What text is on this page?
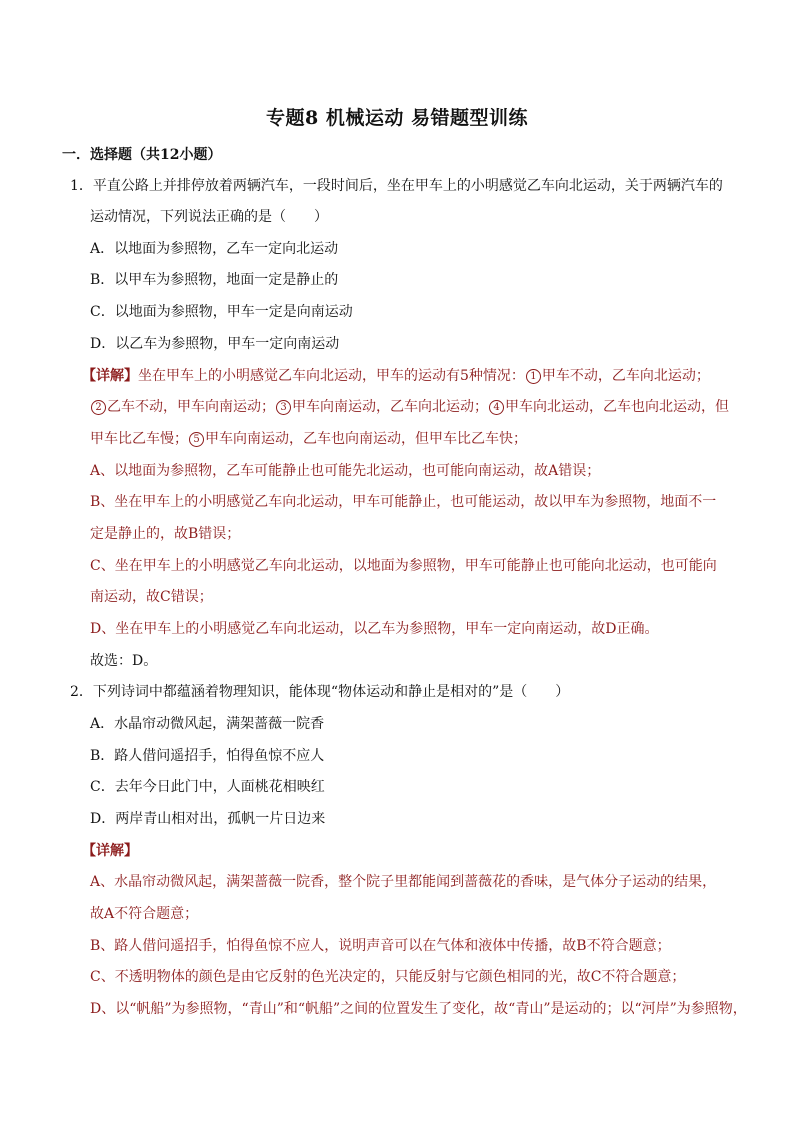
专题8 机械运动 易错题型训练
一．选择题（共12小题）
1．平直公路上并排停放着两辆汽车，一段时间后，坐在甲车上的小明感觉乙车向北运动，关于两辆汽车的
运动情况，下列说法正确的是（　　）
A．以地面为参照物，乙车一定向北运动
B．以甲车为参照物，地面一定是静止的
C．以地面为参照物，甲车一定是向南运动
D．以乙车为参照物，甲车一定向南运动
【详解】坐在甲车上的小明感觉乙车向北运动，甲车的运动有5种情况： 1 甲车不动，乙车向北运动；
2 乙车不动，甲车向南运动； 3 甲车向南运动，乙车向北运动； 4 甲车向北运动，乙车也向北运动，但
甲车比乙车慢； 5 甲车向南运动，乙车也向南运动，但甲车比乙车快；
A、以地面为参照物，乙车可能静止也可能先北运动，也可能向南运动，故A错误；
B、坐在甲车上的小明感觉乙车向北运动，甲车可能静止，也可能运动，故以甲车为参照物，地面不一
定是静止的，故B错误；
C、坐在甲车上的小明感觉乙车向北运动，以地面为参照物，甲车可能静止也可能向北运动，也可能向
南运动，故C错误；
D、坐在甲车上的小明感觉乙车向北运动，以乙车为参照物，甲车一定向南运动，故D正确。
故选：D。
2．下列诗词中都蕴涵着物理知识，能体现“物体运动和静止是相对的”是（　　）
A．水晶帘动微风起，满架蔷薇一院香
B．路人借问遥招手，怕得鱼惊不应人
C．去年今日此门中，人面桃花相映红
D．两岸青山相对出，孤帆一片日边来
【详解】
A、水晶帘动微风起，满架蔷薇一院香，整个院子里都能闻到蔷薇花的香味，是气体分子运动的结果，
故A不符合题意；
B、路人借问遥招手，怕得鱼惊不应人，说明声音可以在气体和液体中传播，故B不符合题意；
C、不透明物体的颜色是由它反射的色光决定的，只能反射与它颜色相同的光，故C不符合题意；
D、以“帆船”为参照物，“青山”和“帆船”之间的位置发生了变化，故“青山”是运动的；以“河岸”为参照物，
